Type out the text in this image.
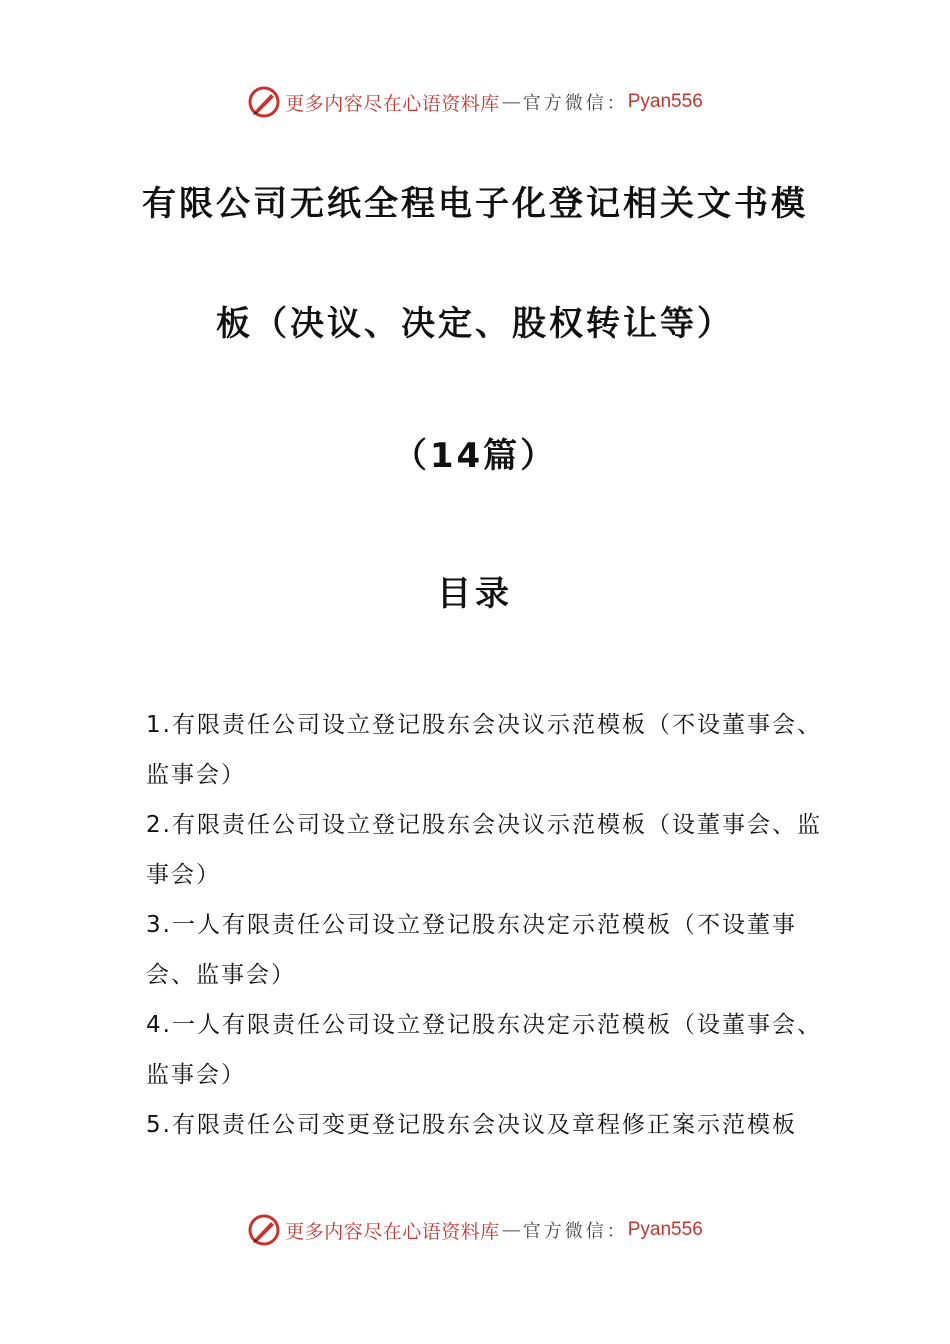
更多内容尽在心语资料库 — 官方微信： Pyan556
有限公司无纸全程电子化登记相关文书模
板（决议、决定、股权转让等）
（14篇）
目录
1.有限责任公司设立登记股东会决议示范模板（不设董事会、监事会）
2.有限责任公司设立登记股东会决议示范模板（设董事会、监事会）
3.一人有限责任公司设立登记股东决定示范模板（不设董事会、监事会）
4.一人有限责任公司设立登记股东决定示范模板（设董事会、监事会）
5.有限责任公司变更登记股东会决议及章程修正案示范模板
更多内容尽在心语资料库 — 官方微信： Pyan556
